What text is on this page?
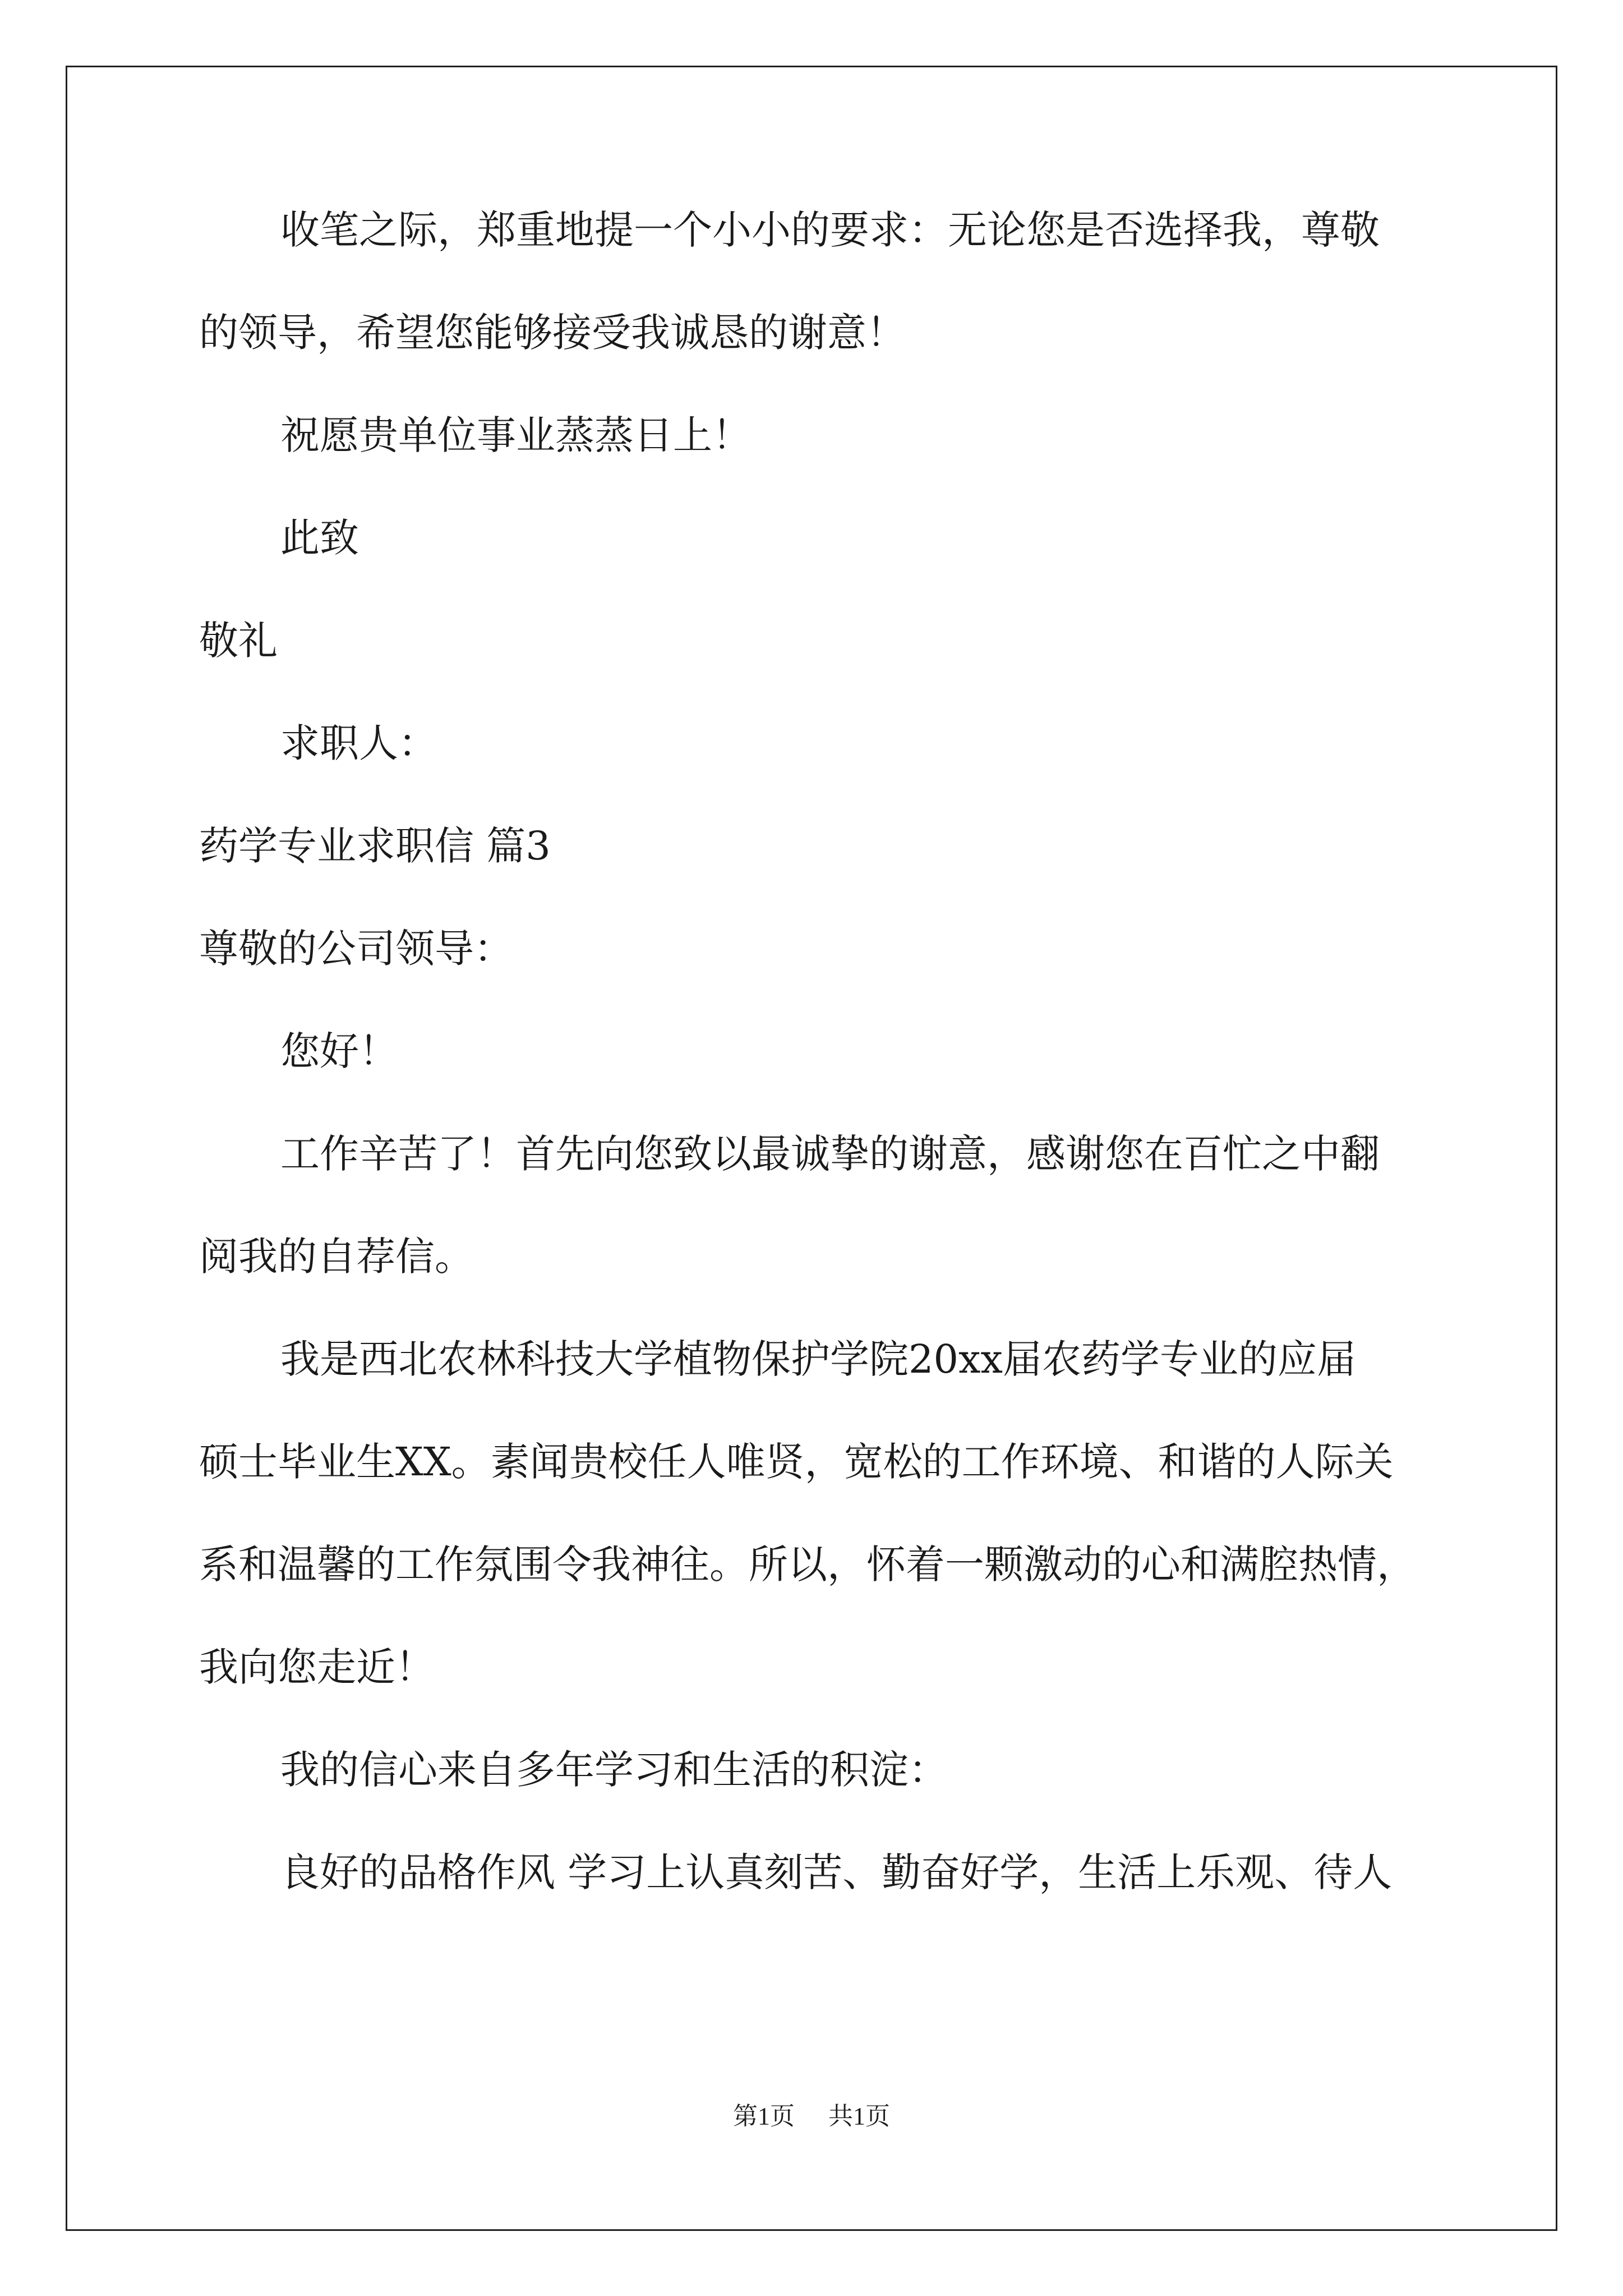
收笔之际，郑重地提一个小小的要求：无论您是否选择我，尊敬
的领导，希望您能够接受我诚恳的谢意！
祝愿贵单位事业蒸蒸日上！
此致
敬礼
求职人：
药学专业求职信 篇3
尊敬的公司领导：
您好！
工作辛苦了！首先向您致以最诚挚的谢意，感谢您在百忙之中翻
阅我的自荐信。
我是西北农林科技大学植物保护学院20xx届农药学专业的应届
硕士毕业生XX。素闻贵校任人唯贤，宽松的工作环境、和谐的人际关
系和温馨的工作氛围令我神往。所以，怀着一颗激动的心和满腔热情，
我向您走近！
我的信心来自多年学习和生活的积淀：
良好的品格作风 学习上认真刻苦、勤奋好学，生活上乐观、待人
第1页 共1页
